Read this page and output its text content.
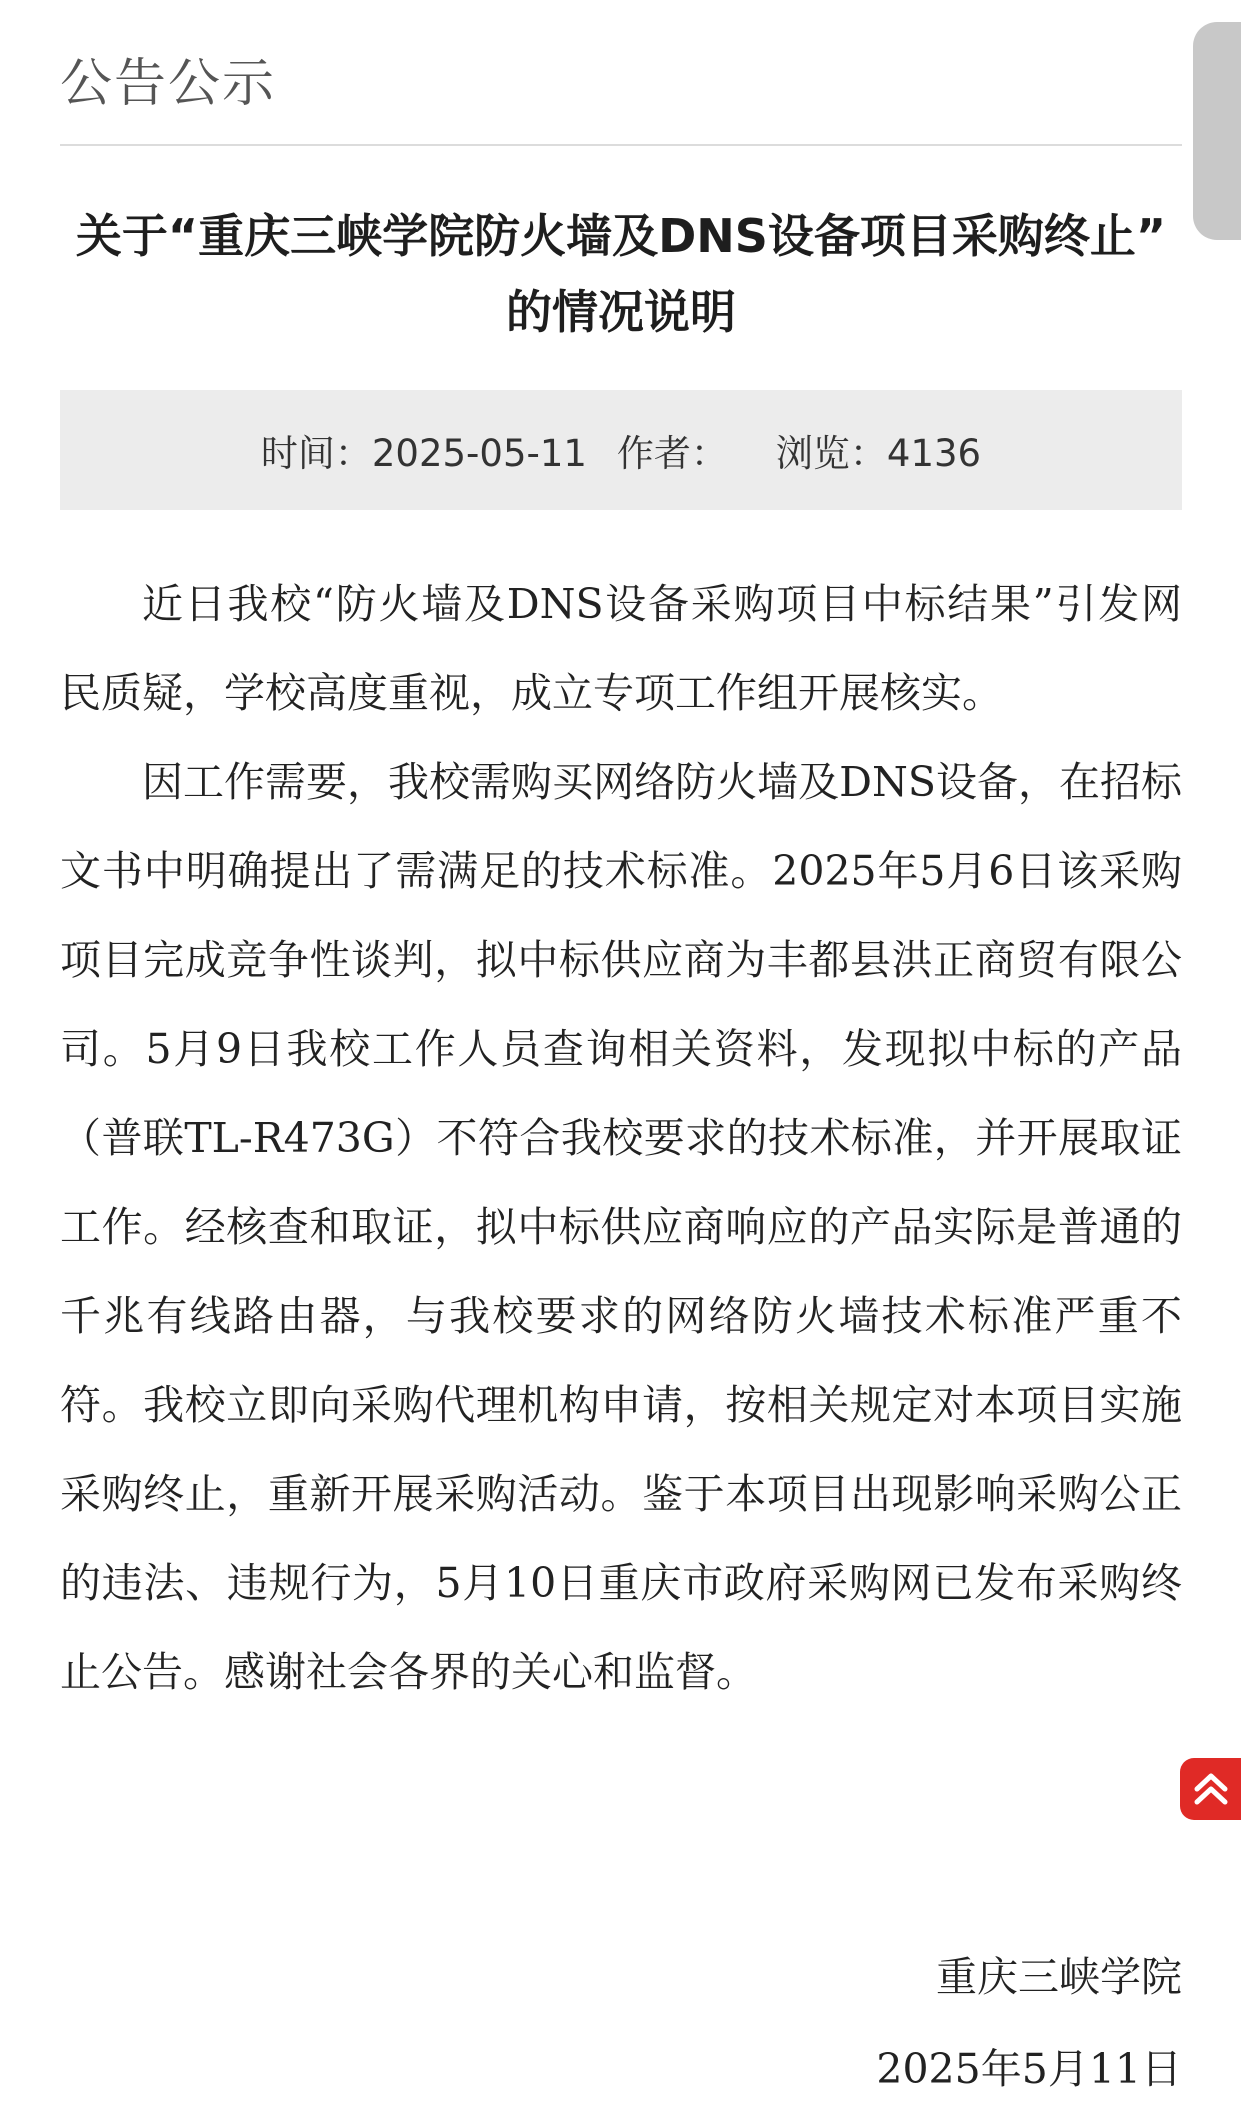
公告公示
关于“重庆三峡学院防火墙及DNS设备项目采购终止”
的情况说明
时间：2025-05-11 作者： 浏览：4136

近日我校“防火墙及DNS设备采购项目中标结果”引发网民质疑，学校高度重视，成立专项工作组开展核实。

因工作需要，我校需购买网络防火墙及DNS设备，在招标文书中明确提出了需满足的技术标准。2025年5月6日该采购项目完成竞争性谈判，拟中标供应商为丰都县洪正商贸有限公司。5月9日我校工作人员查询相关资料，发现拟中标的产品（普联TL-R473G）不符合我校要求的技术标准，并开展取证工作。经核查和取证，拟中标供应商响应的产品实际是普通的千兆有线路由器，与我校要求的网络防火墙技术标准严重不符。我校立即向采购代理机构申请，按相关规定对本项目实施采购终止，重新开展采购活动。鉴于本项目出现影响采购公正的违法、违规行为，5月10日重庆市政府采购网已发布采购终止公告。感谢社会各界的关心和监督。

重庆三峡学院
2025年5月11日
